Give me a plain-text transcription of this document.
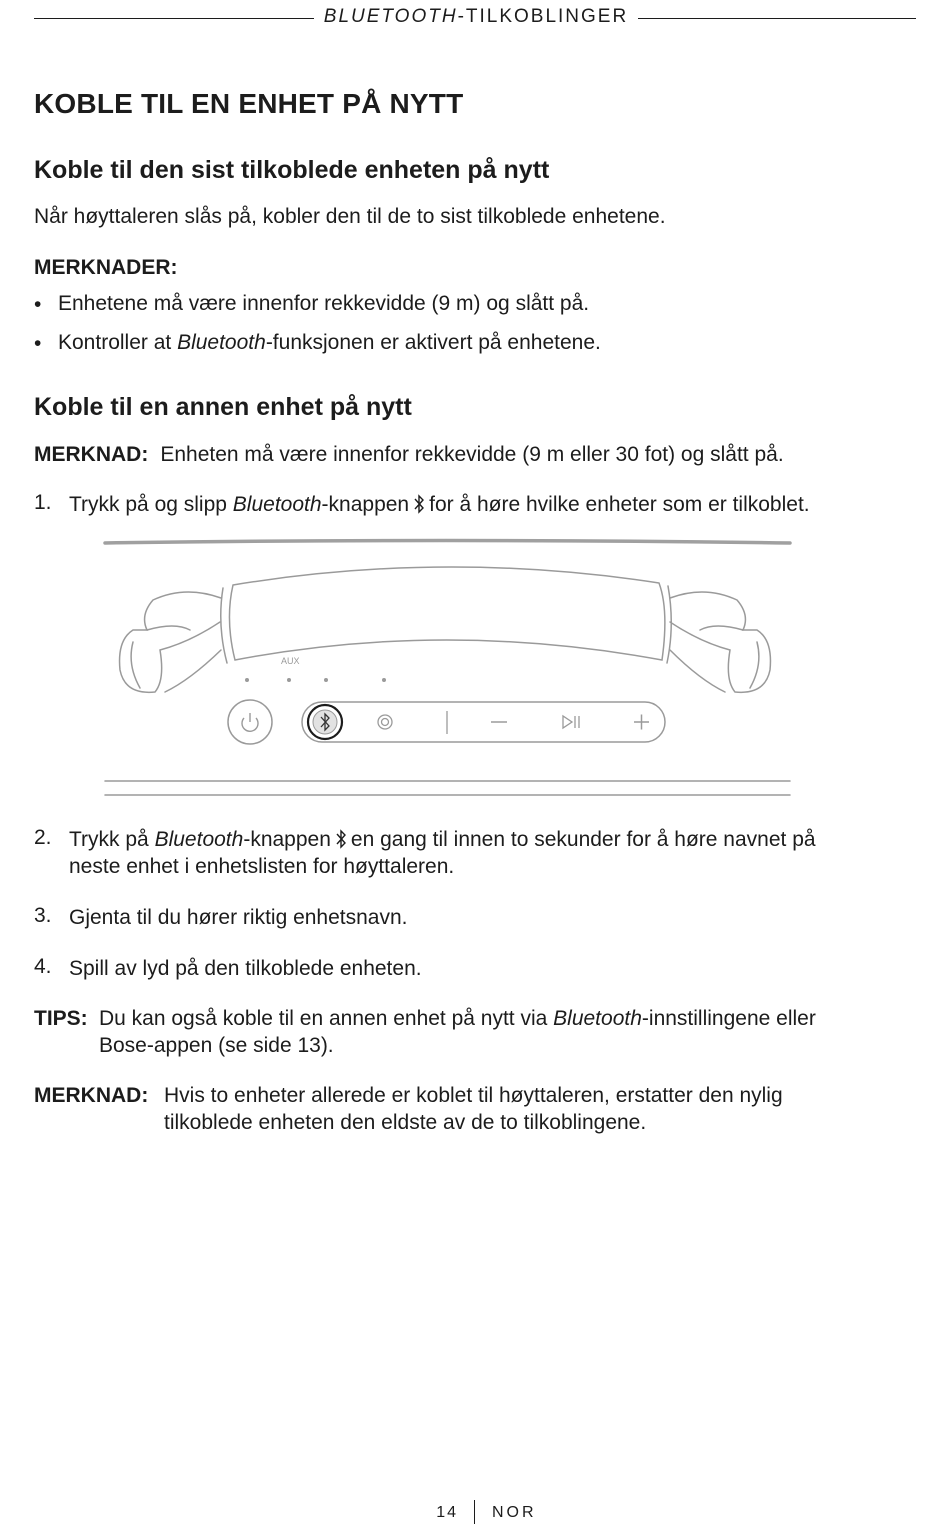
BLUETOOTH-TILKOBLINGER
KOBLE TIL EN ENHET PÅ NYTT
Koble til den sist tilkoblede enheten på nytt
Når høyttaleren slås på, kobler den til de to sist tilkoblede enhetene.
MERKNADER:
• Enhetene må være innenfor rekkevidde (9 m) og slått på.
• Kontroller at Bluetooth-funksjonen er aktivert på enhetene.
Koble til en annen enhet på nytt
MERKNAD: Enheten må være innenfor rekkevidde (9 m eller 30 fot) og slått på.
1. Trykk på og slipp Bluetooth-knappen for å høre hvilke enheter som er tilkoblet.
AUX
2. Trykk på Bluetooth-knappen en gang til innen to sekunder for å høre navnet på
neste enhet i enhetslisten for høyttaleren.
3. Gjenta til du hører riktig enhetsnavn.
4. Spill av lyd på den tilkoblede enheten.
TIPS: Du kan også koble til en annen enhet på nytt via Bluetooth-innstillingene eller
Bose-appen (se side 13).
MERKNAD: Hvis to enheter allerede er koblet til høyttaleren, erstatter den nylig
tilkoblede enheten den eldste av de to tilkoblingene.
14 NOR
